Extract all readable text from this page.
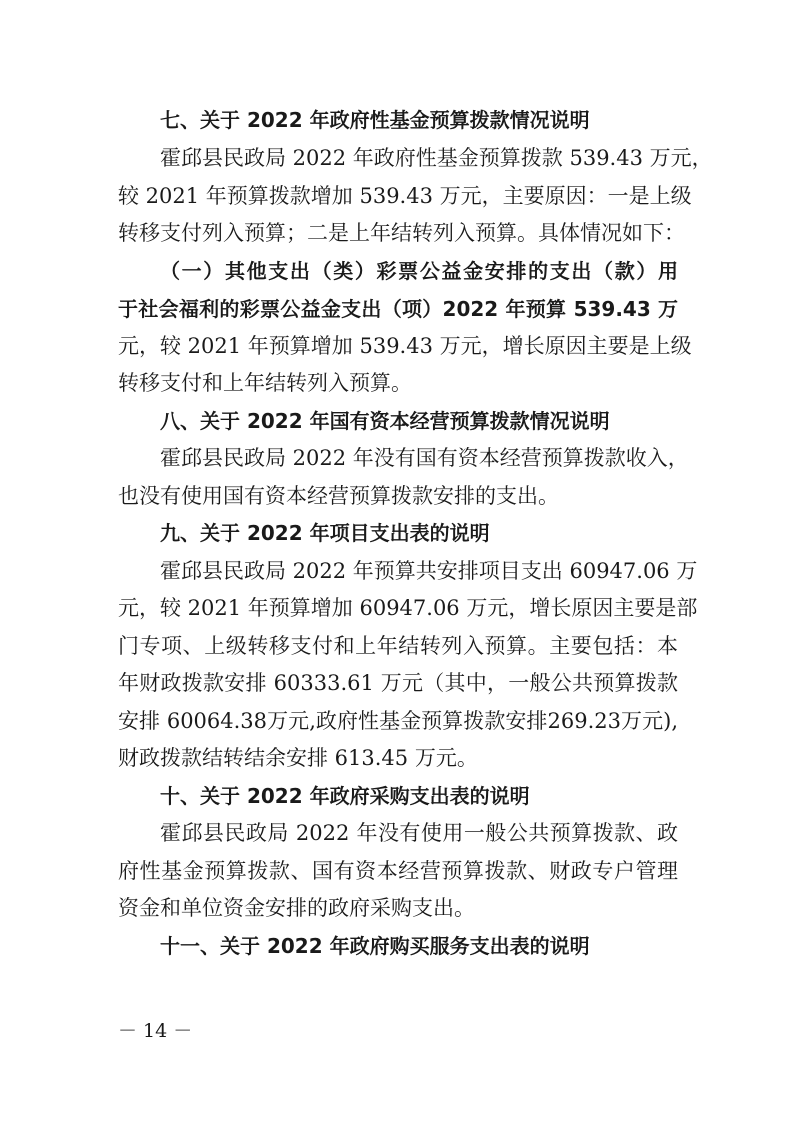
七、关于 2022 年政府性基金预算拨款情况说明
霍邱县民政局 2022 年政府性基金预算拨款 539.43 万元，
较 2021 年预算拨款增加 539.43 万元，主要原因：一是上级
转移支付列入预算；二是上年结转列入预算。具体情况如下：
（一）其他支出（类）彩票公益金安排的支出（款）用
于社会福利的彩票公益金支出（项）2022 年预算 539.43 万
元，较 2021 年预算增加 539.43 万元，增长原因主要是上级
转移支付和上年结转列入预算。
八、关于 2022 年国有资本经营预算拨款情况说明
霍邱县民政局 2022 年没有国有资本经营预算拨款收入，
也没有使用国有资本经营预算拨款安排的支出。
九、关于 2022 年项目支出表的说明
霍邱县民政局 2022 年预算共安排项目支出 60947.06 万
元，较 2021 年预算增加 60947.06 万元，增长原因主要是部
门专项、上级转移支付和上年结转列入预算。主要包括：本
年财政拨款安排 60333.61 万元（其中，一般公共预算拨款
安排 60064.38万元,政府性基金预算拨款安排269.23万元),
财政拨款结转结余安排 613.45 万元。
十、关于 2022 年政府采购支出表的说明
霍邱县民政局 2022 年没有使用一般公共预算拨款、政
府性基金预算拨款、国有资本经营预算拨款、财政专户管理
资金和单位资金安排的政府采购支出。
十一、关于 2022 年政府购买服务支出表的说明
－ 14 －
